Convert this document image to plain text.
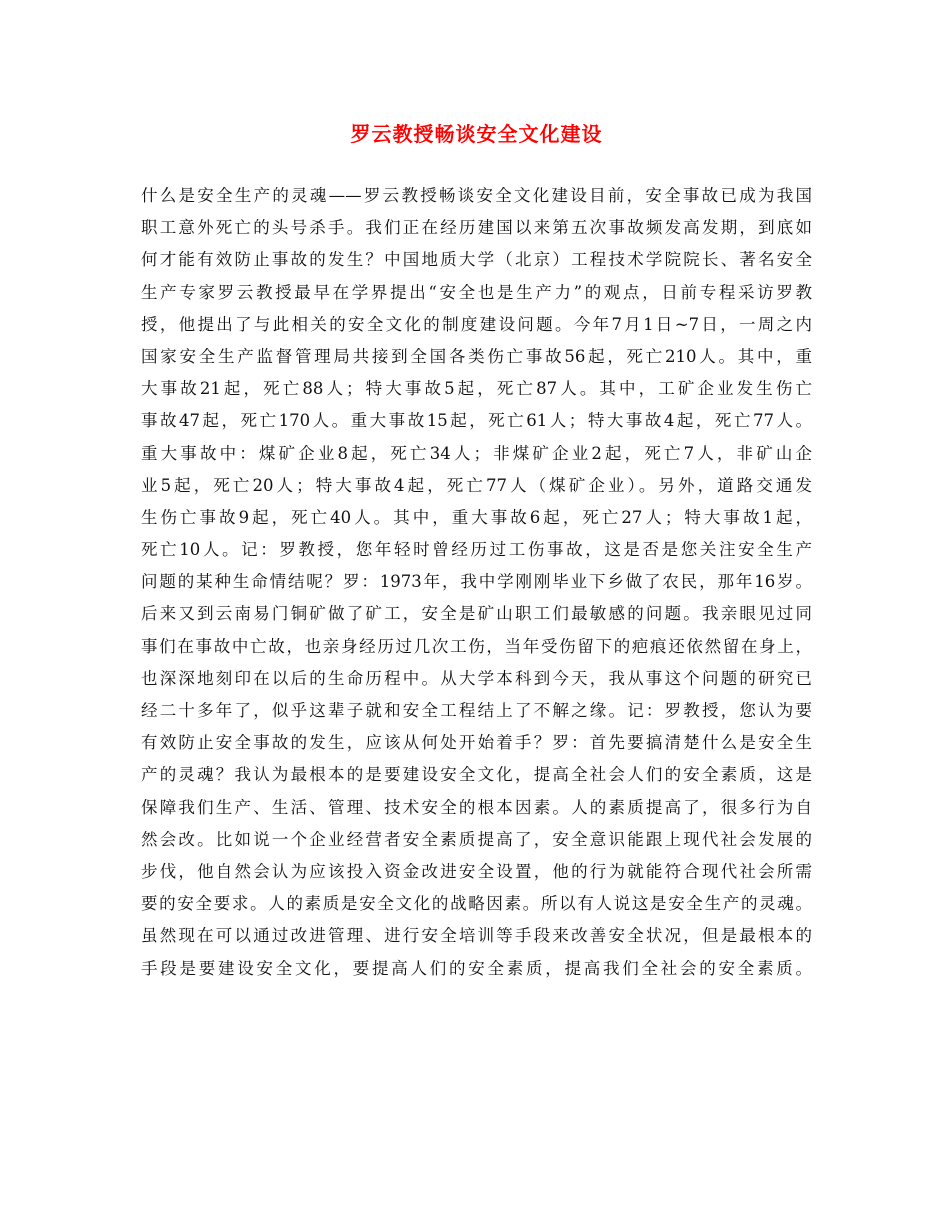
罗云教授畅谈安全文化建设
什么是安全生产的灵魂——罗云教授畅谈安全文化建设目前，安全事故已成为我国
职工意外死亡的头号杀手。我们正在经历建国以来第五次事故频发高发期，到底如
何才能有效防止事故的发生？中国地质大学（北京）工程技术学院院长、著名安全
生产专家罗云教授最早在学界提出“安全也是生产力”的观点，日前专程采访罗教
授，他提出了与此相关的安全文化的制度建设问题。今年7月1日~7日，一周之内
国家安全生产监督管理局共接到全国各类伤亡事故56起，死亡210人。其中，重
大事故21起，死亡88人；特大事故5起，死亡87人。其中，工矿企业发生伤亡
事故47起，死亡170人。重大事故15起，死亡61人；特大事故4起，死亡77人。
重大事故中：煤矿企业8起，死亡34人；非煤矿企业2起，死亡7人，非矿山企
业5起，死亡20人；特大事故4起，死亡77人（煤矿企业）。另外，道路交通发
生伤亡事故9起，死亡40人。其中，重大事故6起，死亡27人；特大事故1起，
死亡10人。记：罗教授，您年轻时曾经历过工伤事故，这是否是您关注安全生产
问题的某种生命情结呢？罗：1973年，我中学刚刚毕业下乡做了农民，那年16岁。
后来又到云南易门铜矿做了矿工，安全是矿山职工们最敏感的问题。我亲眼见过同
事们在事故中亡故，也亲身经历过几次工伤，当年受伤留下的疤痕还依然留在身上，
也深深地刻印在以后的生命历程中。从大学本科到今天，我从事这个问题的研究已
经二十多年了，似乎这辈子就和安全工程结上了不解之缘。记：罗教授，您认为要
有效防止安全事故的发生，应该从何处开始着手？罗：首先要搞清楚什么是安全生
产的灵魂？我认为最根本的是要建设安全文化，提高全社会人们的安全素质，这是
保障我们生产、生活、管理、技术安全的根本因素。人的素质提高了，很多行为自
然会改。比如说一个企业经营者安全素质提高了，安全意识能跟上现代社会发展的
步伐，他自然会认为应该投入资金改进安全设置，他的行为就能符合现代社会所需
要的安全要求。人的素质是安全文化的战略因素。所以有人说这是安全生产的灵魂。
虽然现在可以通过改进管理、进行安全培训等手段来改善安全状况，但是最根本的
手段是要建设安全文化，要提高人们的安全素质，提高我们全社会的安全素质。
